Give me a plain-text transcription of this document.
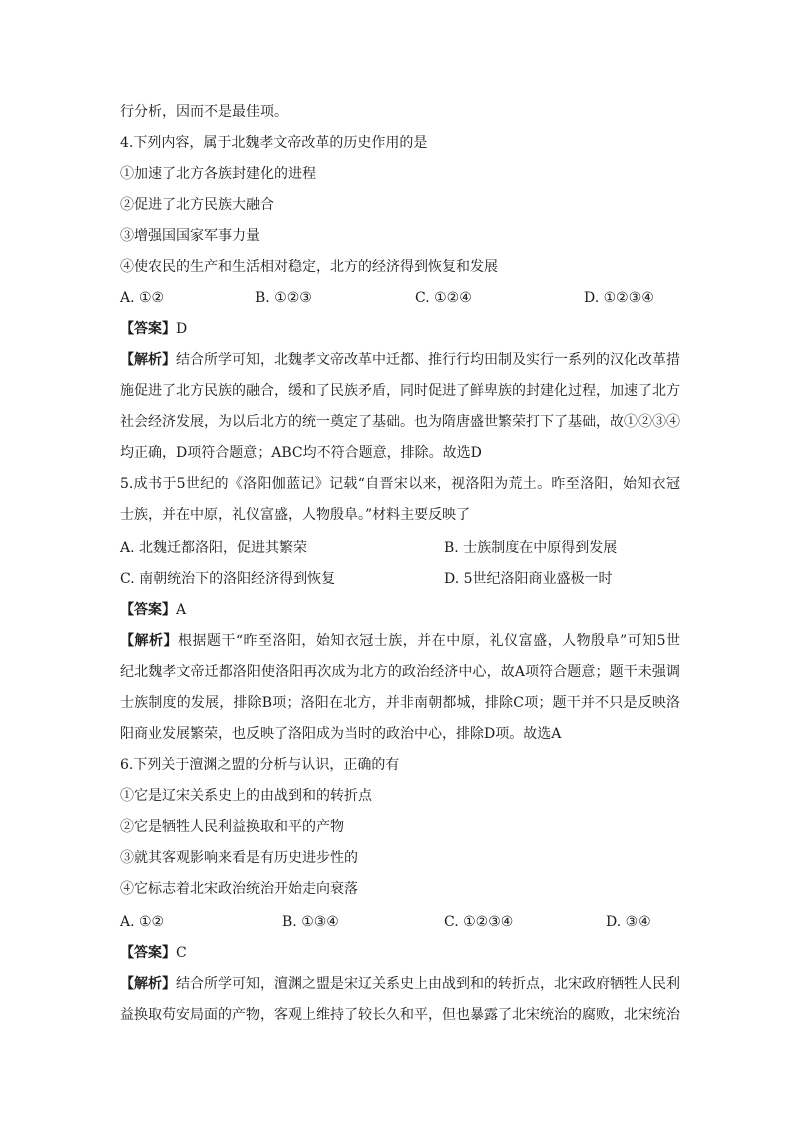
行分析，因而不是最佳项。
4.下列内容，属于北魏孝文帝改革的历史作用的是
①加速了北方各族封建化的进程
②促进了北方民族大融合
③增强国国家军事力量
④使农民的生产和生活相对稳定，北方的经济得到恢复和发展
A. ①②	B. ①②③	C. ①②④	D. ①②③④
【答案】D
【解析】结合所学可知，北魏孝文帝改革中迁都、推行行均田制及实行一系列的汉化改革措
施促进了北方民族的融合，缓和了民族矛盾，同时促进了鲜卑族的封建化过程，加速了北方
社会经济发展，为以后北方的统一奠定了基础。也为隋唐盛世繁荣打下了基础，故①②③④
均正确，D项符合题意；ABC均不符合题意，排除。故选D
5.成书于5世纪的《洛阳伽蓝记》记载“自晋宋以来，视洛阳为荒土。昨至洛阳，始知衣冠
士族，并在中原，礼仪富盛，人物殷阜。”材料主要反映了
A. 北魏迁都洛阳，促进其繁荣	B. 士族制度在中原得到发展
C. 南朝统治下的洛阳经济得到恢复	D. 5世纪洛阳商业盛极一时
【答案】A
【解析】根据题干“昨至洛阳，始知衣冠士族，并在中原，礼仪富盛，人物殷阜”可知5世
纪北魏孝文帝迁都洛阳使洛阳再次成为北方的政治经济中心，故A项符合题意；题干未强调
士族制度的发展，排除B项；洛阳在北方，并非南朝都城，排除C项；题干并不只是反映洛
阳商业发展繁荣，也反映了洛阳成为当时的政治中心，排除D项。故选A
6.下列关于澶渊之盟的分析与认识，正确的有
①它是辽宋关系史上的由战到和的转折点
②它是牺牲人民利益换取和平的产物
③就其客观影响来看是有历史进步性的
④它标志着北宋政治统治开始走向衰落
A. ①②	B. ①③④	C. ①②③④	D. ③④
【答案】C
【解析】结合所学可知，澶渊之盟是宋辽关系史上由战到和的转折点，北宋政府牺牲人民利
益换取苟安局面的产物，客观上维持了较长久和平，但也暴露了北宋统治的腐败，北宋统治
